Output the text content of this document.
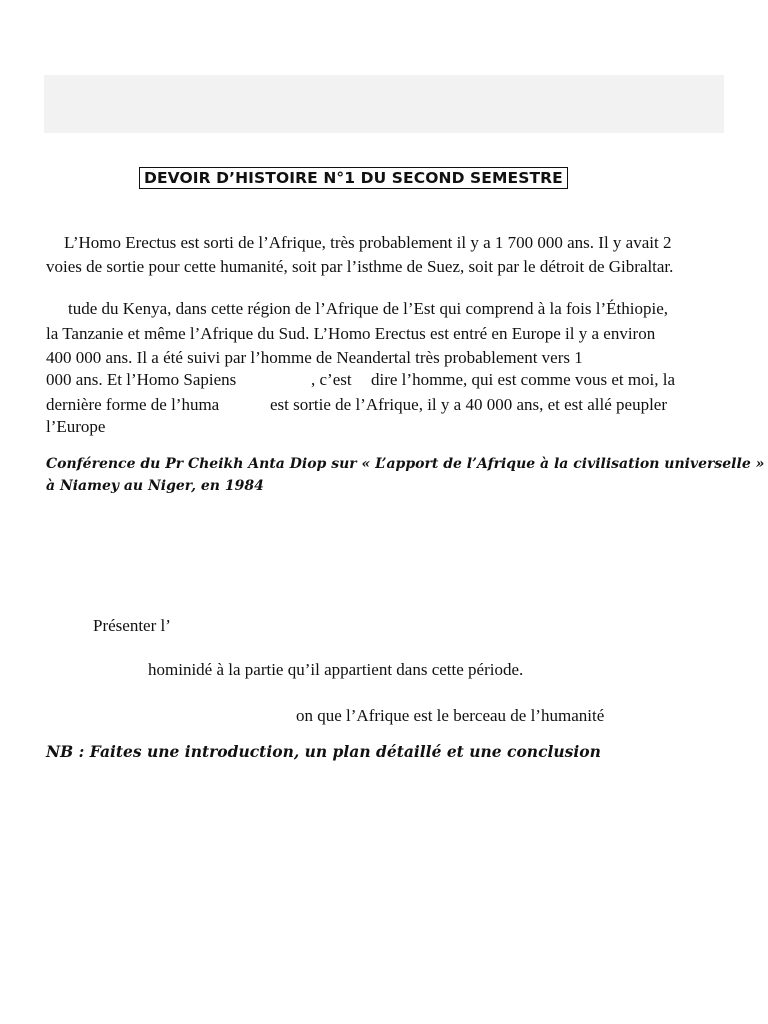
DEVOIR D’HISTOIRE N°1 DU SECOND SEMESTRE
L’Homo Erectus est sorti de l’Afrique, très probablement il y a 1 700 000 ans. Il y avait 2
voies de sortie pour cette humanité, soit par l’isthme de Suez, soit par le détroit de Gibraltar.
tude du Kenya, dans cette région de l’Afrique de l’Est qui comprend à la fois l’Éthiopie,
la Tanzanie et même l’Afrique du Sud. L’Homo Erectus est entré en Europe il y a environ
400 000 ans. Il a été suivi par l’homme de Neandertal très probablement vers 1
000 ans. Et l’Homo Sapiens	, c’est dire l’homme, qui est comme vous et moi, la
dernière forme de l’huma	est sortie de l’Afrique, il y a 40 000 ans, et est allé peupler
l’Europe
Conférence du Pr Cheikh Anta Diop sur « L’apport de l’Afrique à la civilisation universelle »
à Niamey au Niger, en 1984
Présenter l’
hominidé à la partie qu’il appartient dans cette période.
on que l’Afrique est le berceau de l’humanité
NB : Faites une introduction, un plan détaillé et une conclusion
